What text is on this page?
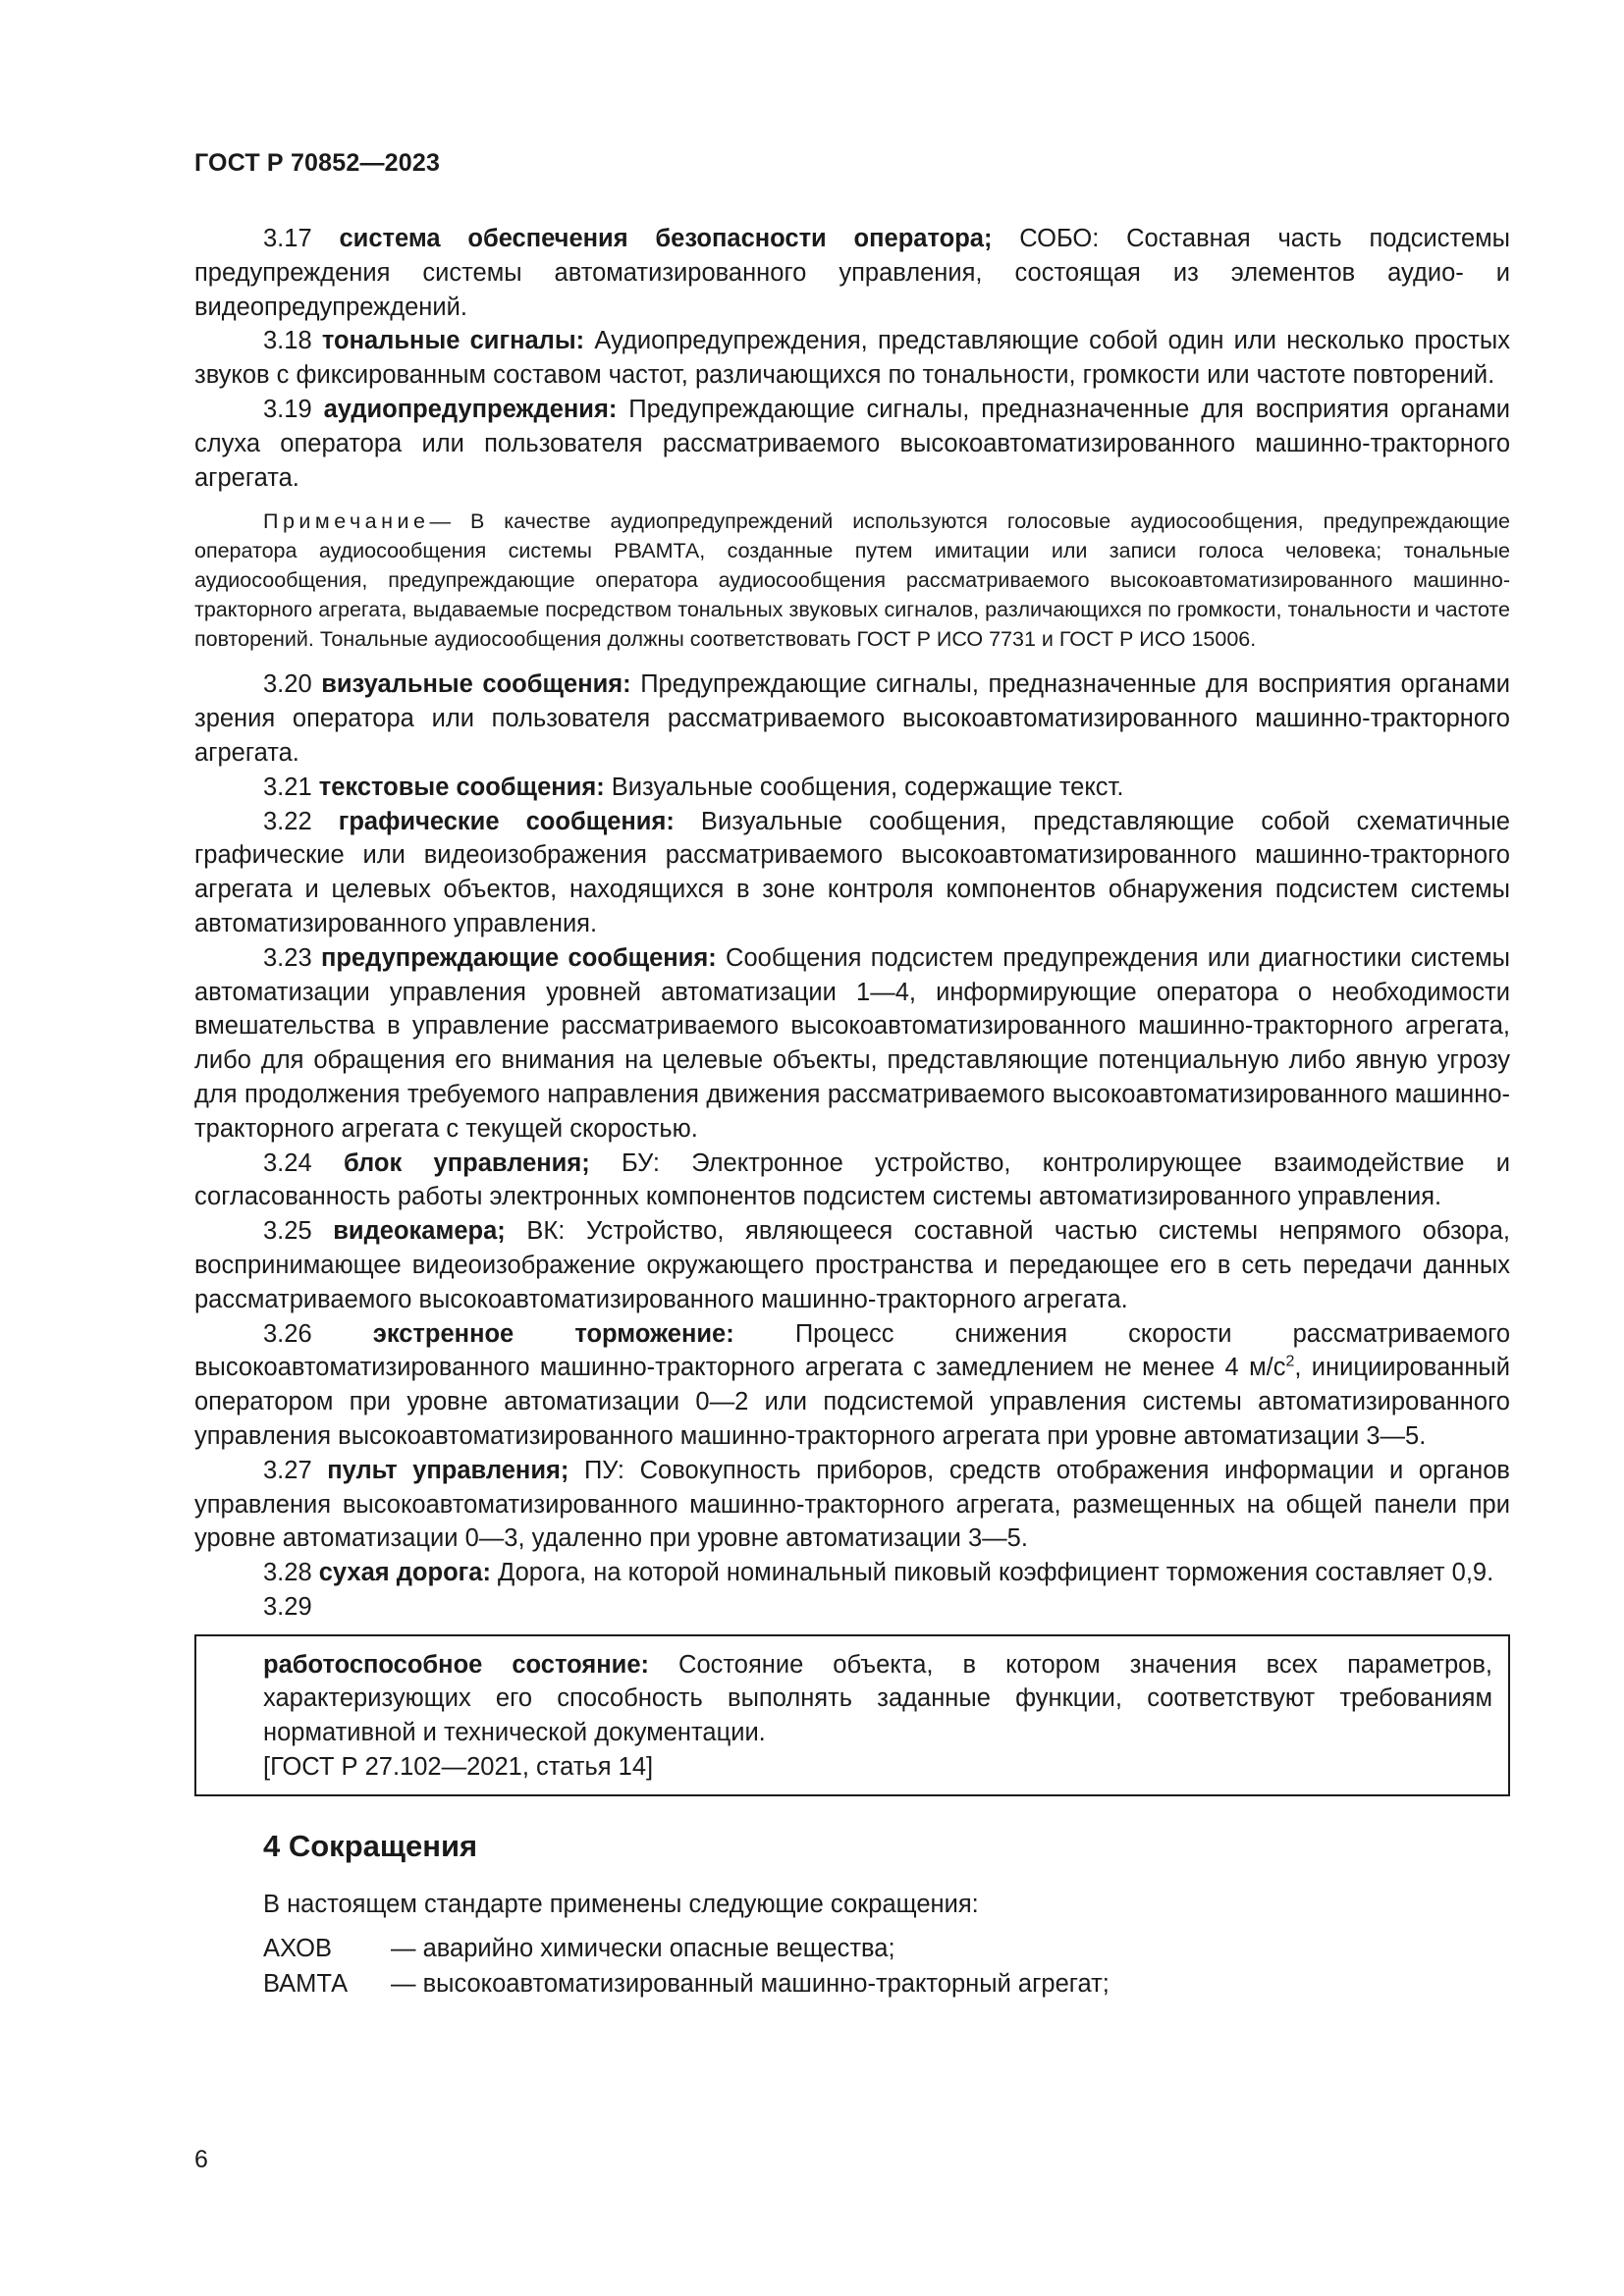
ГОСТ Р 70852—2023

3.17 система обеспечения безопасности оператора; СОБО: Составная часть подсистемы предупреждения системы автоматизированного управления, состоящая из элементов аудио- и видеопредупреждений.

3.18 тональные сигналы: Аудиопредупреждения, представляющие собой один или несколько простых звуков с фиксированным составом частот, различающихся по тональности, громкости или частоте повторений.

3.19 аудиопредупреждения: Предупреждающие сигналы, предназначенные для восприятия органами слуха оператора или пользователя рассматриваемого высокоавтоматизированного машинно-тракторного агрегата.

Примечание— В качестве аудиопредупреждений используются голосовые аудиосообщения, предупреждающие оператора аудиосообщения системы РВАМТА, созданные путем имитации или записи голоса человека; тональные аудиосообщения, предупреждающие оператора аудиосообщения рассматриваемого высокоавтоматизированного машинно-тракторного агрегата, выдаваемые посредством тональных звуковых сигналов, различающихся по громкости, тональности и частоте повторений. Тональные аудиосообщения должны соответствовать ГОСТ Р ИСО 7731 и ГОСТ Р ИСО 15006.

3.20 визуальные сообщения: Предупреждающие сигналы, предназначенные для восприятия органами зрения оператора или пользователя рассматриваемого высокоавтоматизированного машинно-тракторного агрегата.

3.21 текстовые сообщения: Визуальные сообщения, содержащие текст.

3.22 графические сообщения: Визуальные сообщения, представляющие собой схематичные графические или видеоизображения рассматриваемого высокоавтоматизированного машинно-тракторного агрегата и целевых объектов, находящихся в зоне контроля компонентов обнаружения подсистем системы автоматизированного управления.

3.23 предупреждающие сообщения: Сообщения подсистем предупреждения или диагностики системы автоматизации управления уровней автоматизации 1—4, информирующие оператора о необходимости вмешательства в управление рассматриваемого высокоавтоматизированного машинно-тракторного агрегата, либо для обращения его внимания на целевые объекты, представляющие потенциальную либо явную угрозу для продолжения требуемого направления движения рассматриваемого высокоавтоматизированного машинно-тракторного агрегата с текущей скоростью.

3.24 блок управления; БУ: Электронное устройство, контролирующее взаимодействие и согласованность работы электронных компонентов подсистем системы автоматизированного управления.

3.25 видеокамера; ВК: Устройство, являющееся составной частью системы непрямого обзора, воспринимающее видеоизображение окружающего пространства и передающее его в сеть передачи данных рассматриваемого высокоавтоматизированного машинно-тракторного агрегата.

3.26 экстренное торможение: Процесс снижения скорости рассматриваемого высокоавтоматизированного машинно-тракторного агрегата с замедлением не менее 4 $м/с^2$, инициированный оператором при уровне автоматизации 0—2 или подсистемой управления системы автоматизированного управления высокоавтоматизированного машинно-тракторного агрегата при уровне автоматизации 3—5.

3.27 пульт управления; ПУ: Совокупность приборов, средств отображения информации и органов управления высокоавтоматизированного машинно-тракторного агрегата, размещенных на общей панели при уровне автоматизации 0—3, удаленно при уровне автоматизации 3—5.

3.28 сухая дорога: Дорога, на которой номинальный пиковый коэффициент торможения составляет 0,9.

3.29

работоспособное состояние: Состояние объекта, в котором значения всех параметров, характеризующих его способность выполнять заданные функции, соответствуют требованиям нормативной и технической документации.

[ГОСТ Р 27.102—2021, статья 14]

4 Сокращения

В настоящем стандарте применены следующие сокращения:

АХОВ	— аварийно химически опасные вещества;
ВАМТА	— высокоавтоматизированный машинно-тракторный агрегат;
6
